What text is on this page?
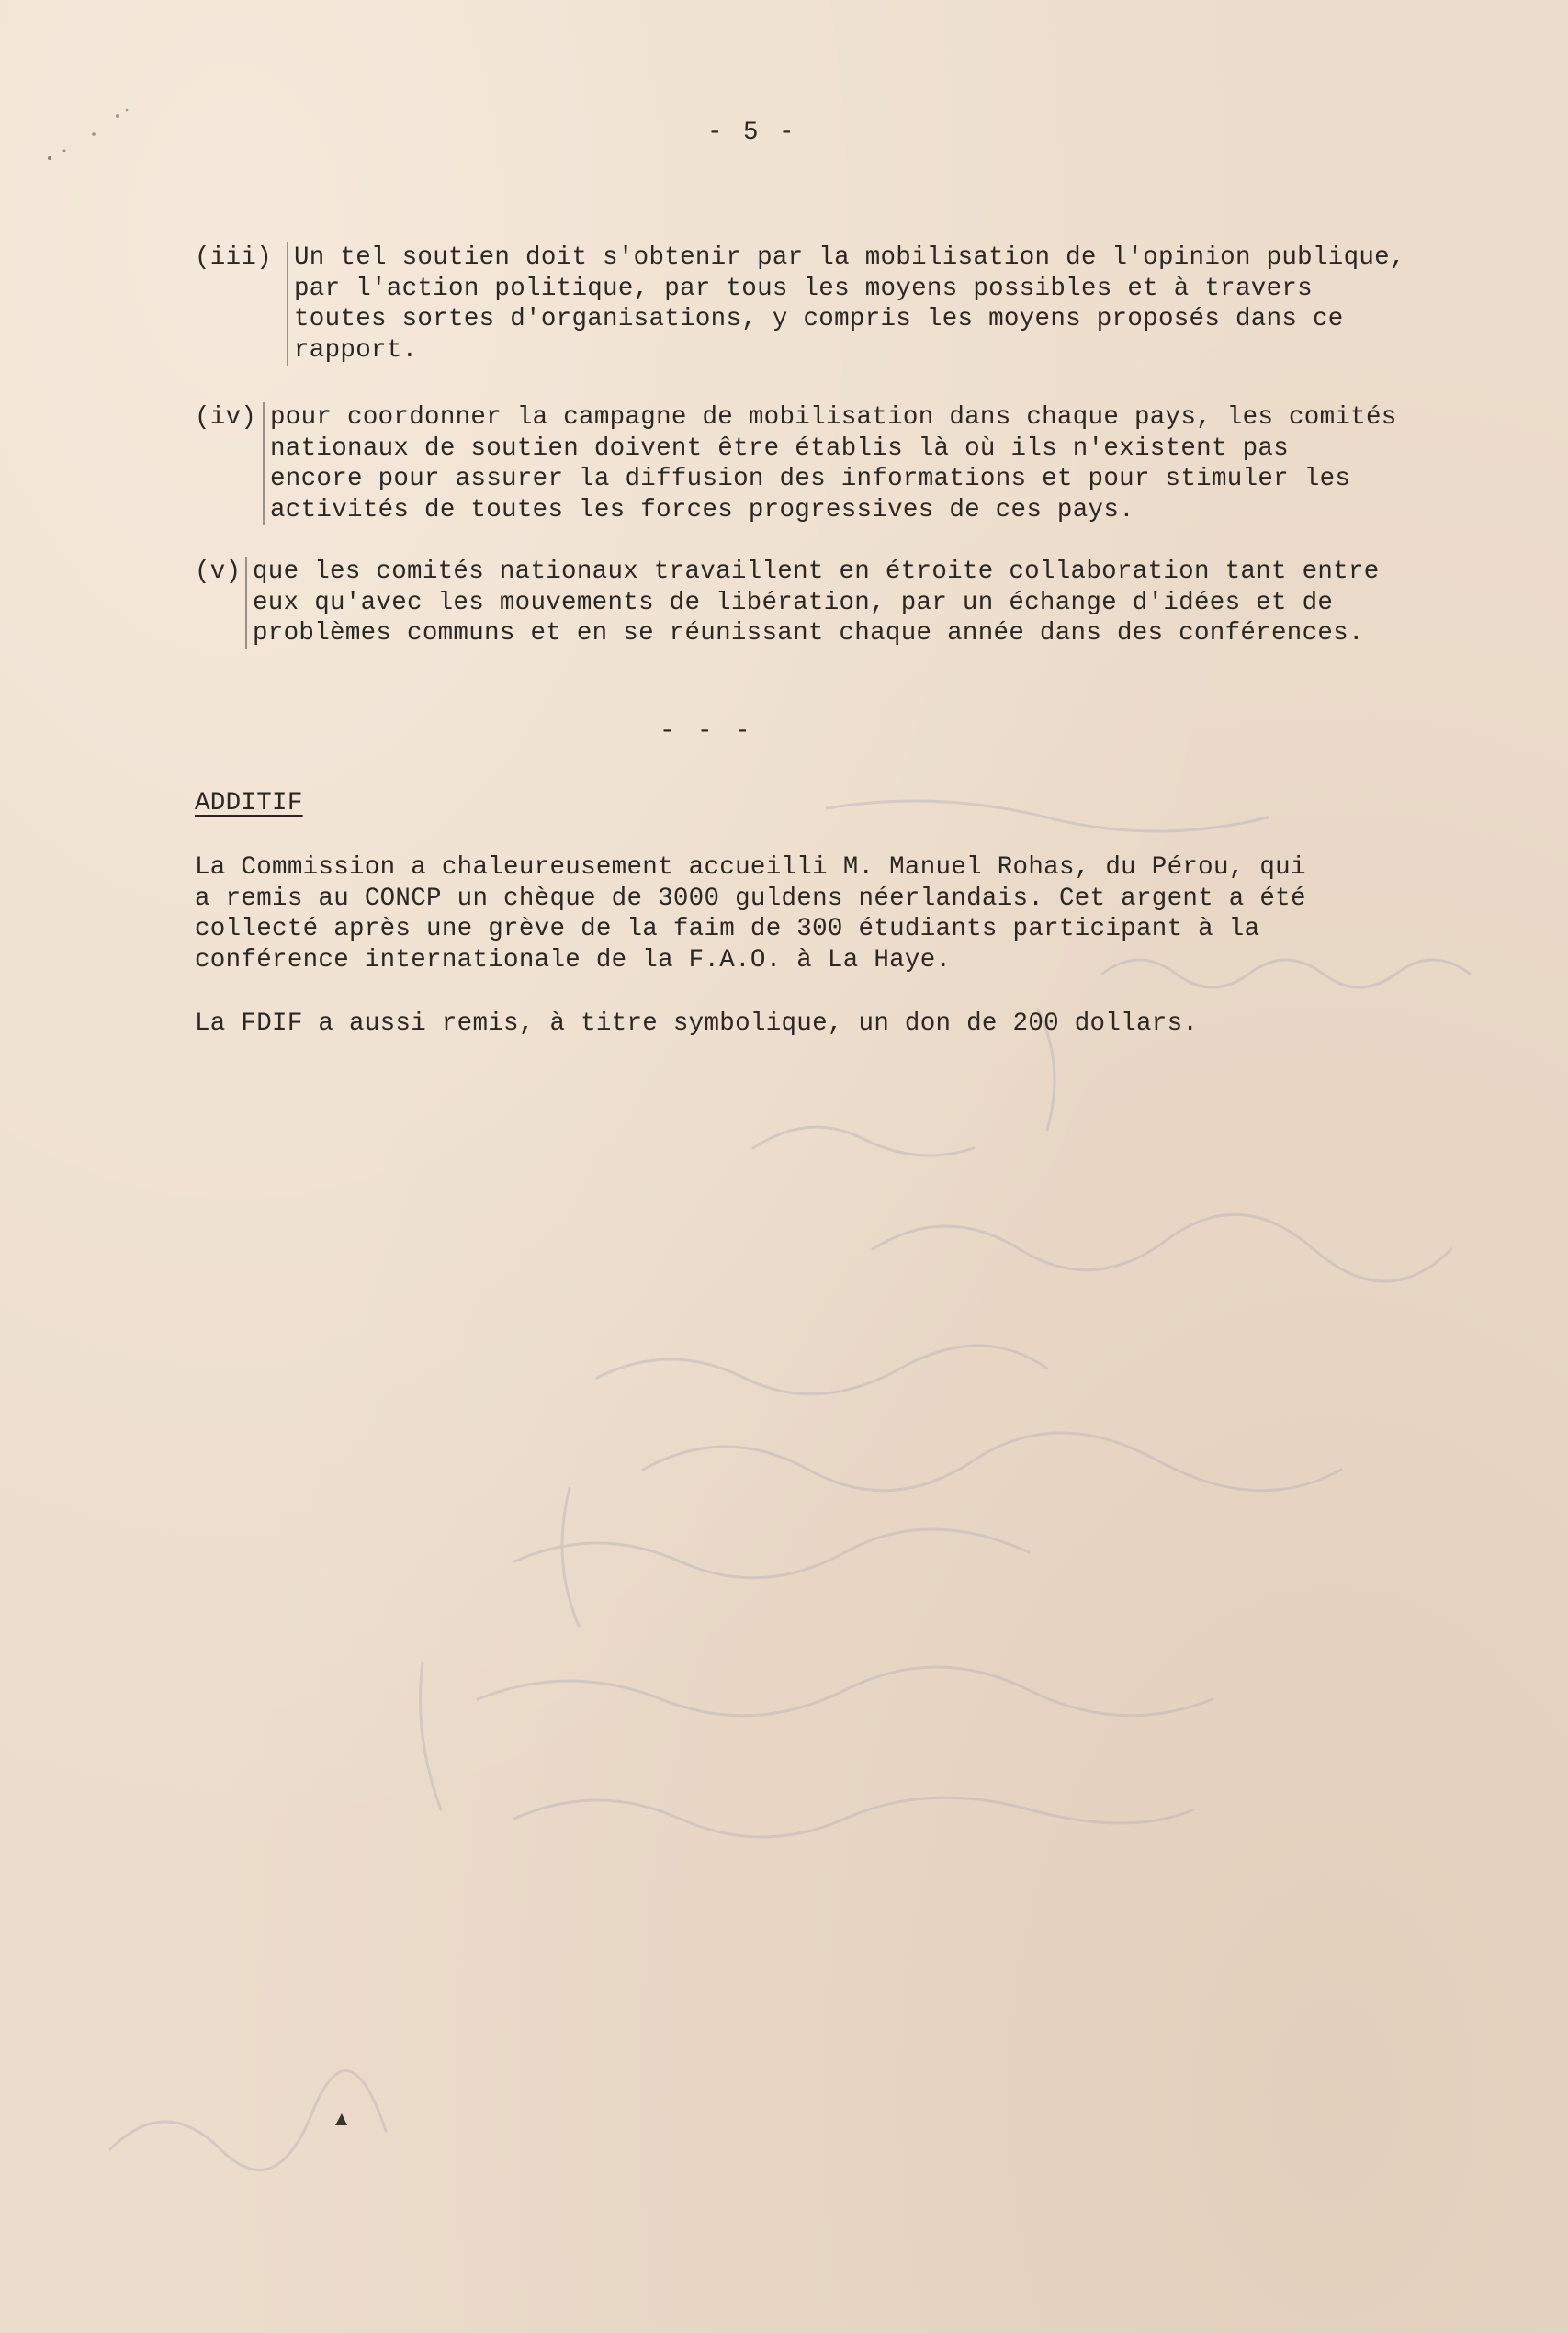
- 5 -
(iii) Un tel soutien doit s'obtenir par la mobilisation de l'opinion publique,
par l'action politique, par tous les moyens possibles et à travers
toutes sortes d'organisations, y compris les moyens proposés dans ce
rapport.
(iv) pour coordonner la campagne de mobilisation dans chaque pays, les comités
nationaux de soutien doivent être établis là où ils n'existent pas
encore pour assurer la diffusion des informations et pour stimuler les
activités de toutes les forces progressives de ces pays.
(v) que les comités nationaux travaillent en étroite collaboration tant entre
eux qu'avec les mouvements de libération, par un échange d'idées et de
problèmes communs et en se réunissant chaque année dans des conférences.
- - -
ADDITIF
La Commission a chaleureusement accueilli M. Manuel Rohas, du Pérou, qui
a remis au CONCP un chèque de 3000 guldens néerlandais. Cet argent a été
collecté après une grève de la faim de 300 étudiants participant à la
conférence internationale de la F.A.O. à La Haye.
La FDIF a aussi remis, à titre symbolique, un don de 200 dollars.
